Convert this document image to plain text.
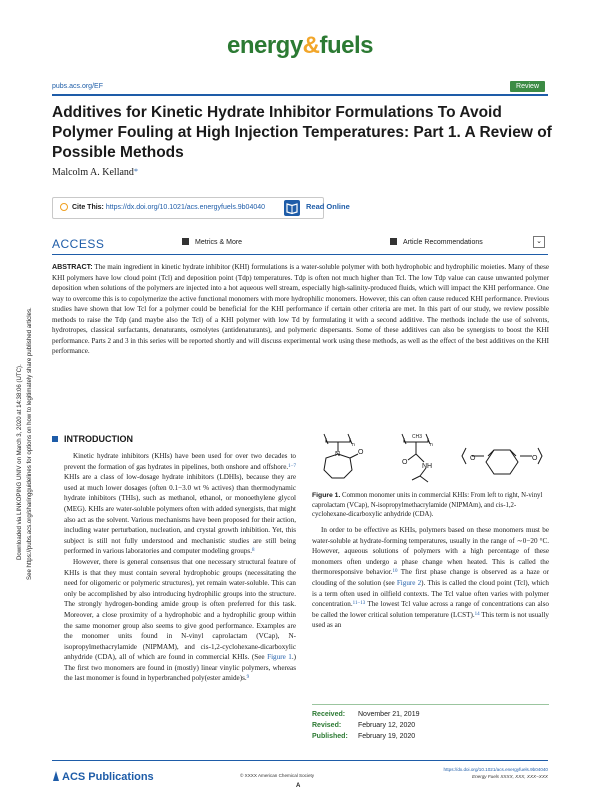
energy&fuels
pubs.acs.org/EF	Review
Additives for Kinetic Hydrate Inhibitor Formulations To Avoid Polymer Fouling at High Injection Temperatures: Part 1. A Review of Possible Methods
Malcolm A. Kelland*
Cite This: https://dx.doi.org/10.1021/acs.energyfuels.9b04040	Read Online
ACCESS	Metrics & More	Article Recommendations	⌄
ABSTRACT: The main ingredient in kinetic hydrate inhibitor (KHI) formulations is a water-soluble polymer with both hydrophobic and hydrophilic moieties. Many of these KHI polymers have low cloud point (Tcl) and deposition point (Tdp) temperatures. Tdp is often not much higher than Tcl. The low Tdp value can cause unwanted polymer deposition when solutions of the polymers are injected into a hot aqueous well stream, especially high-salinity-produced fluids, which will impact the KHI performance. One way to overcome this is to copolymerize the active functional monomers with more hydrophilic monomers. However, this can often cause reduced KHI performance. Previous studies have shown that low Tcl for a polymer could be beneficial for the KHI performance if certain other criteria are met. In this part of our study, we review possible methods to raise the Tdp (and maybe also the Tcl) of a KHI polymer with low Td by formulating it with a second additive. The methods include the use of solvents, hydrotropes, classical surfactants, denaturants, osmolytes (antidenaturants), and polymeric dispersants. Some of these additives can also be synergists to boost the KHI performance. Parts 2 and 3 in this series will be reported shortly and will discuss experimental work using these methods, as well as the effect of the best additives on the KHI performance.
Downloaded via LINKOPING UNIV on March 3, 2020 at 14:38:06 (UTC). See https://pubs.acs.org/sharingguidelines for options on how to legitimately share published articles.	INTRODUCTION

Kinetic hydrate inhibitors (KHIs) have been used for over two decades to prevent the formation of gas hydrates in pipelines, both onshore and offshore.$^{1-7}$ KHIs are a class of low-dosage hydrate inhibitors (LDHIs), because they are used at much lower dosages (often 0.1−3.0 wt % actives) than thermodynamic hydrate inhibitors (THIs), such as methanol, ethanol, or monoethylene glycol (MEG). KHIs are water-soluble polymers often with added synergists, that might also act as the solvent. Various mechanisms have been proposed for their action, including water perturbation, nucleation, and crystal growth inhibition. Yet, this subject is still not fully understood and mechanistic studies are still being performed in various laboratories and computer modeling groups.$^8$

However, there is general consensus that one necessary structural feature of KHIs is that they must contain several hydrophobic groups (necessitating the need for oligomeric or polymeric structures), yet remain water-soluble. This can only be accomplished by also introducing hydrophilic groups into the structure. The strongly hydrogen-bonding amide group is often preferred for this task. Moreover, a close proximity of a hydrophobic and a hydrophilic group within the same monomer group also seems to give good performance. Examples are the monomer units found in N-vinyl caprolactam (VCap), N-isopropylmethacrylamide (NIPMAM), and cis-1,2-cyclohexane-dicarboxylic anhydride (CDA), all of which are found in commercial KHIs. (See Figure 1.) The first two monomers are found in (mostly) linear vinylic polymers, whereas the last monomer is found in hyperbranched poly(ester amide)s.$^9$

N	O
CH3
O
NH
O	O
n	n
Figure 1. Common monomer units in commercial KHIs: From left to right, N-vinyl caprolactam (VCap), N-isopropylmethacrylamide (NIPMAm), and cis-1,2-cyclohexane-dicarboxylic anhydride (CDA).

In order to be effective as KHIs, polymers based on these monomers must be water-soluble at hydrate-forming temperatures, usually in the range of ∼0−20 °C. However, aqueous solutions of polymers with a high percentage of these monomers often undergo a phase change when heated. This is called the thermoresponsive behavior.$^{10}$ The first phase change is observed as a haze or clouding of the solution (see Figure 2). This is called the cloud point (Tcl), which is a term often used in oilfield contexts. The Tcl value often varies with polymer concentration.$^{11-13}$ The lowest Tcl value across a range of concentrations can also be called the lower critical solution temperature (LCST).$^{14}$ This term is not usually used as an

Received:	November 21, 2019
Revised:	February 12, 2020
Published:	February 19, 2020
ACS Publications	© XXXX American Chemical Society
A
https://dx.doi.org/10.1021/acs.energyfuels.9b04040
Energy Fuels XXXX, XXX, XXX−XXX
